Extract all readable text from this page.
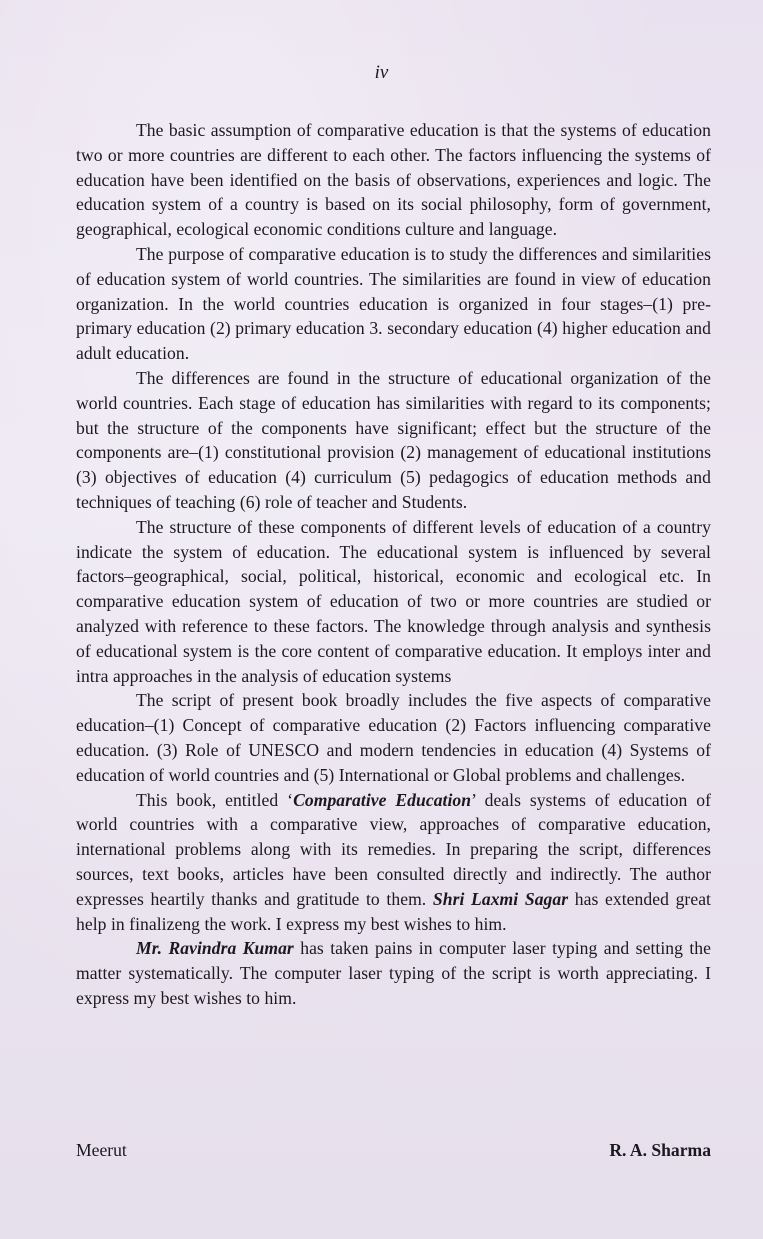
iv

The basic assumption of comparative education is that the systems of education two or more countries are different to each other. The factors influencing the systems of education have been identified on the basis of observations, experiences and logic. The education system of a country is based on its social philosophy, form of government, geographical, ecological economic conditions culture and language.

The purpose of comparative education is to study the differences and similarities of education system of world countries. The similarities are found in view of education organization. In the world countries education is organized in four stages–(1) pre-primary education (2) primary education 3. secondary education (4) higher education and adult education.

The differences are found in the structure of educational organization of the world countries. Each stage of education has similarities with regard to its components; but the structure of the components have significant; effect but the structure of the components are–(1) constitutional provision (2) management of educational institutions (3) objectives of education (4) curriculum (5) pedagogics of education methods and techniques of teaching (6) role of teacher and Students.

The structure of these components of different levels of education of a country indicate the system of education. The educational system is influenced by several factors–geographical, social, political, historical, economic and ecological etc. In comparative education system of education of two or more countries are studied or analyzed with reference to these factors. The knowledge through analysis and synthesis of educational system is the core content of comparative education. It employs inter and intra approaches in the analysis of education systems

The script of present book broadly includes the five aspects of comparative education–(1) Concept of comparative education (2) Factors influencing comparative education. (3) Role of UNESCO and modern tendencies in education (4) Systems of education of world countries and (5) International or Global problems and challenges.

This book, entitled ‘Comparative Education’ deals systems of education of world countries with a comparative view, approaches of comparative education, international problems along with its remedies. In preparing the script, differences sources, text books, articles have been consulted directly and indirectly. The author expresses heartily thanks and gratitude to them. Shri Laxmi Sagar has extended great help in finalizeng the work. I express my best wishes to him.

Mr. Ravindra Kumar has taken pains in computer laser typing and setting the matter systematically. The computer laser typing of the script is worth appreciating. I express my best wishes to him.

Meerut	R. A. Sharma
